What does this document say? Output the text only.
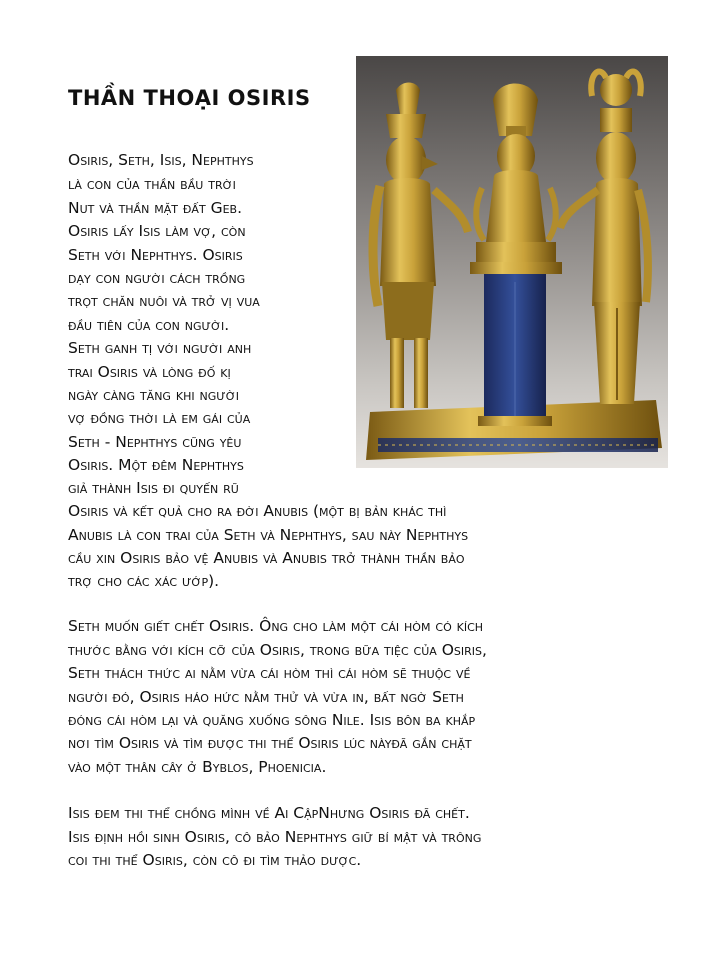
THẦN THOẠI OSIRIS
Osiris, Seth, Isis, Nephthys
là con của thần bầu trời
Nut và thần mặt đất Geb.
Osiris lấy Isis làm vợ, còn
Seth với Nephthys. Osiris
dạy con người cách trồng
trọt chăn nuôi và trở vị vua
đầu tiên của con người.
Seth ganh tị với người anh
trai Osiris và lòng đố kị
ngày càng tăng khi người
vợ đồng thời là em gái của
Seth - Nephthys cũng yêu
Osiris. Một đêm Nephthys
giả thành Isis đi quyến rũ
Osiris và kết quả cho ra đời Anubis (một bị bản khác thì
Anubis là con trai của Seth và Nephthys, sau này Nephthys
cầu xin Osiris bảo vệ Anubis và Anubis trở thành thần bảo
trợ cho các xác ướp).
Seth muốn giết chết Osiris. Ông cho làm một cái hòm có kích
thước bằng với kích cỡ của Osiris, trong bữa tiệc của Osiris,
Seth thách thức ai nằm vừa cái hòm thì cái hòm sẽ thuộc về
người đó, Osiris háo hức nằm thử và vừa in, bất ngờ Seth
đóng cái hòm lại và quăng xuống sông Nile. Isis bôn ba khắp
nơi tìm Osiris và tìm được thi thể Osiris lúc nàyđã gắn chặt
vào một thân cây ở Byblos, Phoenicia.
Isis đem thi thể chồng mình về Ai CậpNhưng Osiris đã chết.
Isis định hồi sinh Osiris, cô bảo Nephthys giữ bí mật và trông
coi thi thể Osiris, còn cô đi tìm thảo dược.
